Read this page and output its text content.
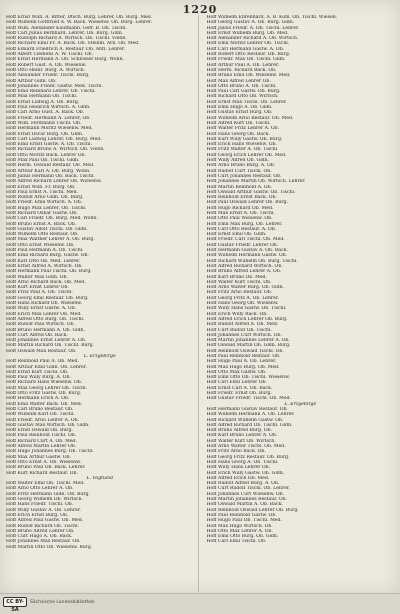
1220
Hoff Ernst Wilh. A. Ritter, Dtsch. Bürg. Lehrer, Ob. Bürg. Med.
Hoff Wilhelm Gottfried A. W. Bäck. Wiesenw. Ob. Bürg. Lehrer.
Hoff Wilh. Alexander Kaufmann, Gefr. B. Ob. Tischl.
Hoff Carl Julius Bernhard, Lehrer, Ob. Bürg. Gldn.
Hoff Rudolph Richard A. Wirtsch. Ob. Tischl. Viehh.
Hoff Richard Emil Fr. A. Bäck. Ob. Steinm. Arb. Ob. Med.
Hoff Eduard Friedrich A. Restaur. Ob. Abtl. Lehrer.
Hoff Albert Clemens A. W. Tischl. Ob.
Hoff Ernst Hermann A. Ob. Schlosser Bürg. Wohn.
Hoff Robert Gust. A. Ob. Wiesenw.
Hoff Otto Heinr. Bürg. A. Wirtsch.
Hoff Alexander Friedr. Tischl. Bürg.
Hoff Arthur Gldn. Ob.
Hoff Johannes Friedr. Gastw. Med. Tischl.
Hoff Emil Reinhard Lehrer, Ob. Tischl.
Hoff Max Hermann Ob. Tischl.
Hoff Ernst Ludwig A. Ob. Bürg.
Hoff Paul Heinrich Wirtsch. A. Gldn.
Hoff Carl Arno Gust. A. Bäck. Ob.
Hoff Friedr. Hermann A. Lehrer, Ob.
Hoff Wilh. Ferdinand Tischl. Ob.
Hoff Hermann Moritz Wiesenw. Med.
Hoff Ernst Oscar Bürg. Ob. Gldn.
Hoff Carl Ludwig Lehrer, Ob. Bürg. Med.
Hoff Emil Ernst Gastw. A. Ob. Tischl.
Hoff Richard Bruno A. Wirtsch. Ob. Viehh.
Hoff Otto Moritz Bäck. Lehrer Ob.
Hoff Max Paul Ob. Tischl. Gldn.
Hoff Herm. Oswald Restaur. Ob. Med.
Hoff Arthur Karl A. Ob. Bürg. Wohn.
Hoff Julius Hermann Ob. Bäck. Tischl.
Hoff Alfred Richard Lehrer Ob. Wiesenw.
Hoff Ernst Wilh. Fr. Bürg. Ob.
Hoff Paul Ernst A. Tischl. Med.
Hoff Rudolf Arno Gldn. Ob. Bürg.
Hoff Friedr. Emil Wirtsch. A. Ob.
Hoff Hugo Max Lehrer, Ob. Tischl.
Hoff Richard Oskar Gastw. Ob.
Hoff Carl Friedr. Ob. Bürg. Med. Wohn.
Hoff Bruno Ernst A. Bäck. Ob.
Hoff Gustav Adolf Tischl. Ob. Gldn.
Hoff Wilhelm Otto Restaur. Ob.
Hoff Max Walther Lehrer A. Ob. Bürg.
Hoff Otto Ernst Wiesenw. Ob.
Hoff Paul Hermann A. Ob. Tischl.
Hoff Emil Richard Bürg. Gastw. Ob.
Hoff Karl Otto Ob. Med. Lehrer.
Hoff Ernst Alfred A. Wirtsch. Ob.
Hoff Hermann Paul Tischl. Ob. Bürg.
Hoff Walter Max Gldn. Ob.
Hoff Arno Richard Bäck. Ob. Med.
Hoff Kurt Ernst Lehrer Ob.
Hoff Fritz Paul A. Ob. Tischl.
Hoff Georg Emil Restaur. Ob. Bürg.
Hoff Hans Richard Ob. Wiesenw.
Hoff Willy Ernst Gastw. A. Ob.
Hoff Erich Max Lehrer Ob. Med.
Hoff Alfred Otto Bürg. Ob. Tischl.
Hoff Rudolf Paul Wirtsch. Ob.
Hoff Bruno Hermann A. Ob. Gldn.
Hoff Curt Alfred Ob. Bäck.
Hoff Johannes Ernst Lehrer A. Ob.
Hoff Martin Richard Ob. Tischl. Bürg.
Hoff Oswald Max Restaur. Ob.
L. Erzgebirge
Hoff Reinhold Paul A. Ob. Med.
Hoff Arthur Emil Gldn. Ob. Lehrer.
Hoff Ernst Kurt Tischl. Ob.
Hoff Paul Willy Bürg. A. Ob.
Hoff Richard Hans Wiesenw. Ob.
Hoff Max Georg Lehrer Ob. Tischl.
Hoff Otto Fritz Gastw. Ob. Bürg.
Hoff Hermann Erich A. Ob.
Hoff Emil Walter Bäck. Ob. Med.
Hoff Carl Bruno Restaur. Ob.
Hoff Wilhelm Kurt Ob. Tischl.
Hoff Friedr. Arno Lehrer A. Ob.
Hoff Gustav Max Wirtsch. Ob. Gldn.
Hoff Ernst Oswald Ob. Bürg.
Hoff Paul Reinhold Tischl. Ob.
Hoff Richard Curt A. Ob. Med.
Hoff Alfred Martin Lehrer Ob.
Hoff Hugo Johannes Bürg. Ob. Tischl.
Hoff Max Arthur Gastw. Ob.
Hoff Otto Ernst A. Ob. Wiesenw.
Hoff Bruno Paul Ob. Bäck. Lehrer.
Hoff Kurt Richard Restaur. Ob.
L. Vogtland
Hoff Walter Emil Ob. Tischl. Med.
Hoff Arno Otto Lehrer A. Ob.
Hoff Fritz Hermann Gldn. Ob. Bürg.
Hoff Georg Wilhelm Ob. Wirtsch.
Hoff Hans Friedr. Tischl. Ob.
Hoff Willy Gustav A. Ob. Lehrer.
Hoff Erich Ernst Bürg. Ob.
Hoff Alfred Paul Gastw. Ob. Med.
Hoff Rudolf Richard Ob. Tischl.
Hoff Bruno Alfred Lehrer Ob.
Hoff Curt Hugo A. Ob. Bäck.
Hoff Johannes Max Restaur. Ob.
Hoff Martin Otto Ob. Wiesenw. Bürg.
Hoff Wilhelm Ehrenhard, A. B. Kom. Ob. Tischl. Wiesen.
Hoff Georg Gustav A. Ob. Bürg. Gldn.
Hoff Julius Friedr. A. Ob. Tischl. Lehrer.
Hoff Ernst Wilhelm Bürg. Ob. Med.
Hoff Alexander Richard A. Ob. Wirtsch.
Hoff Emil Moritz Lehrer Ob. Tischl.
Hoff Carl Hermann Gastw. A. Ob.
Hoff Robert Otto Restaur. Ob. Bürg.
Hoff Friedr. Max Ob. Tischl. Gldn.
Hoff Arthur Paul A. Ob. Lehrer.
Hoff Herm. Richard Bäck. Ob.
Hoff Bruno Emil Ob. Wiesenw. Med.
Hoff Max Alfred Lehrer Ob.
Hoff Otto Bruno A. Ob. Tischl.
Hoff Paul Carl Gastw. Ob. Bürg.
Hoff Richard Otto Ob. Wirtsch.
Hoff Ernst Max Tischl. Ob. Lehrer.
Hoff Emil Hugo A. Ob. Gldn.
Hoff Gustav Ernst Bürg. Ob.
Hoff Wilhelm Arno Restaur. Ob. Med.
Hoff Alfred Kurt Ob. Tischl.
Hoff Walter Fritz Lehrer A. Ob.
Hoff Hans Georg Ob. Bäck.
Hoff Kurt Willy Gastw. Ob. Bürg.
Hoff Erich Hans Wiesenw. Ob.
Hoff Fritz Walter A. Ob. Tischl.
Hoff Georg Erich Lehrer Ob. Med.
Hoff Willy Alfred Ob. Gldn.
Hoff Arno Bruno Bürg. A. Ob.
Hoff Rudolf Curt Tischl. Ob.
Hoff Curt Johannes Restaur. Ob.
Hoff Johannes Martin Ob. Wirtsch. Lehrer.
Hoff Martin Reinhold A. Ob.
Hoff Oswald Arthur Gastw. Ob. Tischl.
Hoff Reinhold Ernst Bäck. Ob.
Hoff Paul Oswald Lehrer Ob. Bürg.
Hoff Hugo Richard Ob. Med.
Hoff Max Ernst A. Ob. Tischl.
Hoff Otto Paul Wiesenw. Ob.
Hoff Emil Max Bürg. Ob. Lehrer.
Hoff Carl Otto Restaur. A. Ob.
Hoff Ernst Emil Ob. Gldn.
Hoff Friedr. Carl Tischl. Ob. Med.
Hoff Gustav Friedr. Lehrer Ob.
Hoff Hermann Gustav A. Ob. Bäck.
Hoff Wilhelm Hermann Gastw. Ob.
Hoff Richard Wilhelm Ob. Bürg. Tischl.
Hoff Alfred Richard Wirtsch. Ob.
Hoff Bruno Alfred Lehrer A. Ob.
Hoff Kurt Bruno Ob. Med.
Hoff Walter Kurt Tischl. Ob.
Hoff Arno Walter Bürg. Ob. Gldn.
Hoff Fritz Arno Restaur. Ob.
Hoff Georg Fritz A. Ob. Lehrer.
Hoff Hans Georg Ob. Wiesenw.
Hoff Willy Hans Gastw. Ob. Tischl.
Hoff Erich Willy Bäck. Ob.
Hoff Alfred Erich Lehrer Ob. Bürg.
Hoff Rudolf Alfred A. Ob. Med.
Hoff Curt Rudolf Ob. Tischl.
Hoff Johannes Curt Wirtsch. Ob.
Hoff Martin Johannes Lehrer A. Ob.
Hoff Oswald Martin Ob. Gldn. Bürg.
Hoff Reinhold Oswald Tischl. Ob.
Hoff Paul Reinhold Restaur. Ob.
Hoff Hugo Paul A. Ob. Lehrer.
Hoff Max Hugo Bürg. Ob. Med.
Hoff Otto Max Gastw. Ob.
Hoff Emil Otto Ob. Tischl. Wiesenw.
Hoff Carl Emil Lehrer Ob.
Hoff Ernst Carl A. Ob. Bäck.
Hoff Friedr. Ernst Ob. Bürg.
Hoff Gustav Friedr. Tischl. Ob. Med.
L. Erzgebirge
Hoff Hermann Gustav Restaur. Ob.
Hoff Wilhelm Hermann A. Ob. Lehrer.
Hoff Richard Wilhelm Gastw. Ob.
Hoff Alfred Richard Ob. Tischl. Gldn.
Hoff Bruno Alfred Bürg. Ob.
Hoff Kurt Bruno Lehrer A. Ob.
Hoff Walter Kurt Ob. Wirtsch.
Hoff Arno Walter Tischl. Ob. Med.
Hoff Fritz Arno Bäck. Ob.
Hoff Georg Fritz Restaur. Ob. Bürg.
Hoff Hans Georg A. Ob. Tischl.
Hoff Willy Hans Lehrer Ob.
Hoff Erich Willy Gastw. Ob. Gldn.
Hoff Alfred Erich Ob. Med.
Hoff Rudolf Alfred Bürg. A. Ob.
Hoff Curt Rudolf Tischl. Ob. Lehrer.
Hoff Johannes Curt Wiesenw. Ob.
Hoff Martin Johannes Restaur. Ob.
Hoff Oswald Martin A. Ob. Bäck.
Hoff Reinhold Oswald Lehrer Ob. Bürg.
Hoff Paul Reinhold Gastw. Ob.
Hoff Hugo Paul Ob. Tischl. Med.
Hoff Max Hugo Wirtsch. Ob.
Hoff Otto Max Lehrer A. Ob.
Hoff Emil Otto Bürg. Ob. Gldn.
Hoff Carl Emil Tischl. Ob.
CC BY-SA
Sächsische Landesbibliothek
